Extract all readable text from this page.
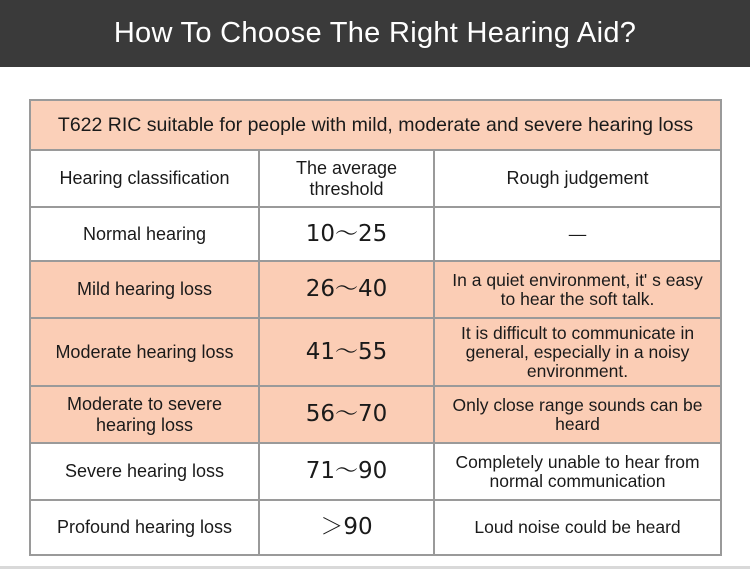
How To Choose The Right Hearing Aid?
T622 RIC suitable for people with mild, moderate and severe hearing loss		
Hearing classification	The average threshold	Rough judgement
Normal hearing	10～25	—
Mild hearing loss	26～40	In a quiet environment, it' s easy to hear the soft talk.
Moderate hearing loss	41～55	It is difficult to communicate in general, especially in a noisy environment.
Moderate to severe hearing loss	56～70	Only close range sounds can be heard
Severe hearing loss	71～90	Completely unable to hear from normal communication
Profound hearing loss	＞90	Loud noise could be heard
